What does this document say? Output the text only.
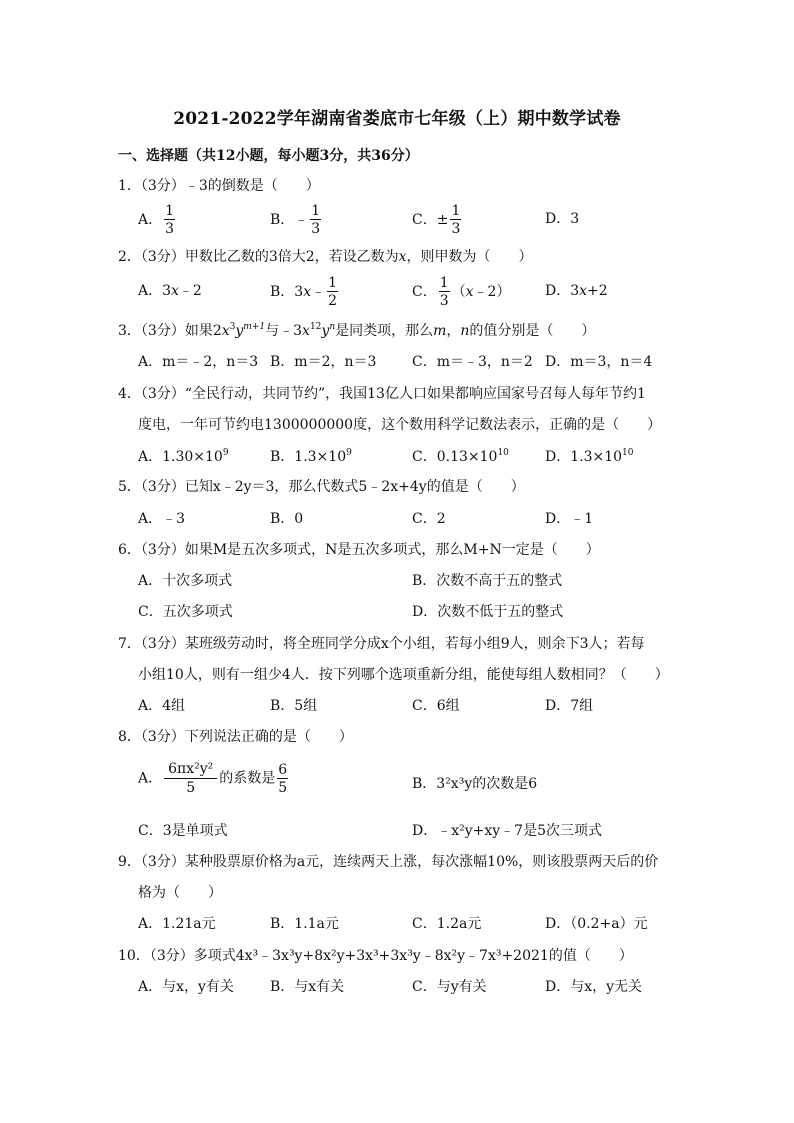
2021-2022学年湖南省娄底市七年级（上）期中数学试卷
一、选择题（共12小题，每小题3分，共36分）
1．（3分）﹣3的倒数是（　　）
A． $\frac{1}{3}$	B．﹣ $\frac{1}{3}$	C．± $\frac{1}{3}$	D．3
2．（3分）甲数比乙数的3倍大2，若设乙数为x，则甲数为（　　）
A．3x﹣2	B．3x﹣ $\frac{1}{2}$	C． $\frac{1}{3}$ （x﹣2） D．3x+2
3．（3分）如果$2x^3y^{m+1}$与$﹣3x^{12}y^n$是同类项，那么m，n的值分别是（　　）
A．m＝﹣2，n＝3 B．m＝2，n＝3	C．m＝﹣3，n＝2 D．m＝3，n＝4
4．（3分）“全民行动，共同节约”，我国13亿人口如果都响应国家号召每人每年节约1
度电，一年可节约电1300000000度，这个数用科学记数法表示，正确的是（　　）
A．$1.30\times 10^9$	B．$1.3\times 10^9$	C．$0.13\times 10^{10}$	D．$1.3\times 10^{10}$
5．（3分）已知x﹣2y＝3，那么代数式5﹣2x+4y的值是（　　）
A．﹣3	B．0	C．2	D．﹣1
6．（3分）如果M是五次多项式，N是五次多项式，那么M+N一定是（　　）
A．十次多项式	B．次数不高于五的整式
C．五次多项式	D．次数不低于五的整式
7．（3分）某班级劳动时，将全班同学分成x个小组，若每小组9人，则余下3人；若每
小组10人，则有一组少4人．按下列哪个选项重新分组，能使每组人数相同？（　　）
A．4组	B．5组	C．6组	D．7组
8．（3分）下列说法正确的是（　　）
A． $\frac{\text{6πx²y²}}{5}$ 的系数是 $\frac{6}{5}$	B．3²x³y的次数是6
C．3是单项式	D．﹣x²y+xy﹣7是5次三项式
9．（3分）某种股票原价格为a元，连续两天上涨，每次涨幅10%，则该股票两天后的价
格为（　　）
A．1.21a元	B．1.1a元	C．1.2a元	D．（0.2+a）元
10．（3分）多项式4x³﹣3x³y+8x²y+3x³+3x³y﹣8x²y﹣7x³+2021的值（　　）
A．与x，y有关	B．与x有关	C．与y有关	D．与x，y无关
